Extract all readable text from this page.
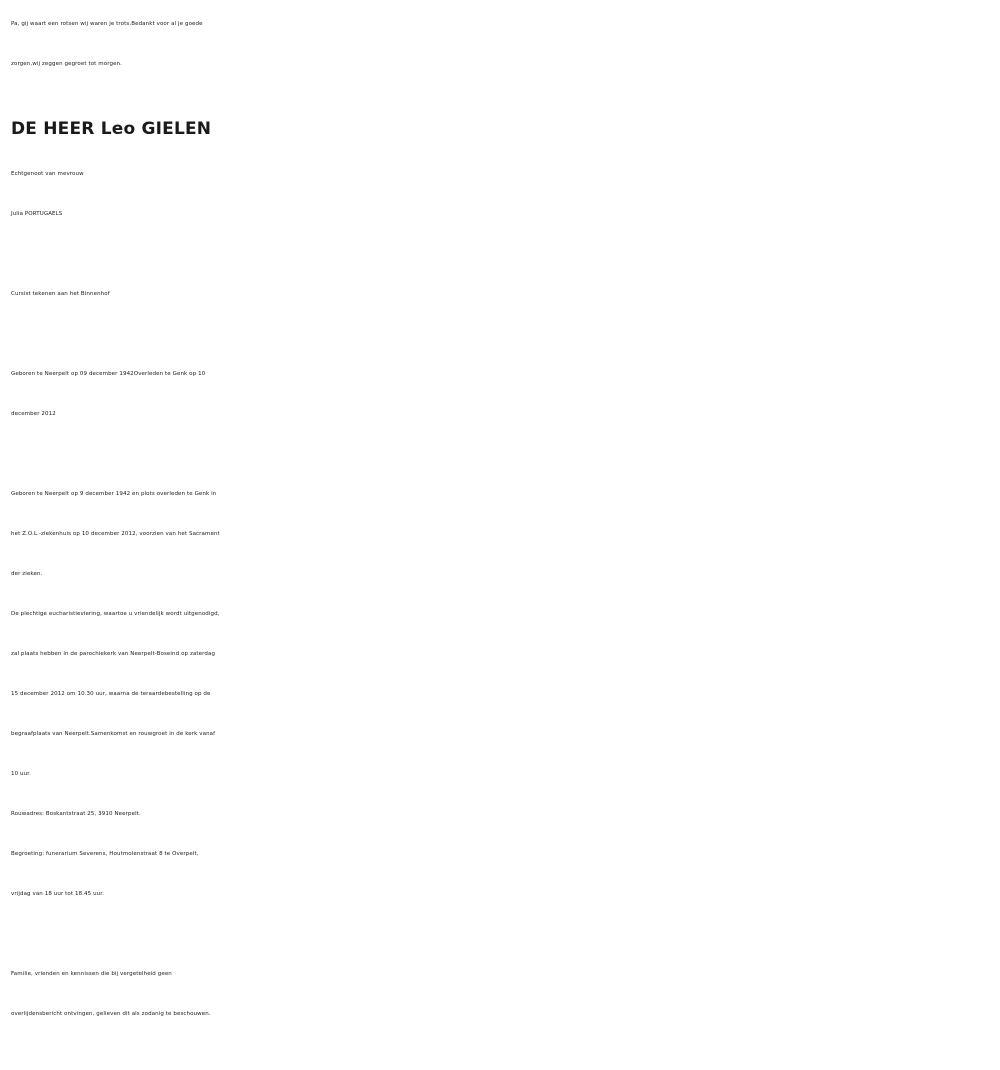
Pa, gij waart een rotsen wij waren je trots.Bedankt voor al je goede
zorgen,wij zeggen gegroet tot morgen.
DE HEER Leo GIELEN
Echtgenoot van mevrouw
Julia PORTUGAELS
Cursist tekenen aan het Binnenhof
Geboren te Neerpelt op 09 december 1942Overleden te Genk op 10
december 2012
Geboren te Neerpelt op 9 december 1942 en plots overleden te Genk in
het Z.O.L.-ziekenhuis op 10 december 2012, voorzien van het Sacrament
der zieken.
De plechtige eucharistieviering, waartoe u vriendelijk wordt uitgenodigd,
zal plaats hebben in de parochiekerk van Neerpelt-Boseind op zaterdag
15 december 2012 om 10.30 uur, waarna de teraardebestelling op de
begraafplaats van Neerpelt.Samenkomst en rouwgroet in de kerk vanaf
10 uur.
Rouwadres: Boskantstraat 25, 3910 Neerpelt.
Begroeting: funerarium Severens, Houtmolenstraat 8 te Overpelt,
vrijdag van 18 uur tot 18.45 uur.
Familie, vrienden en kennissen die bij vergetelheid geen
overlijdensbericht ontvingen, gelieven dit als zodanig te beschouwen.
